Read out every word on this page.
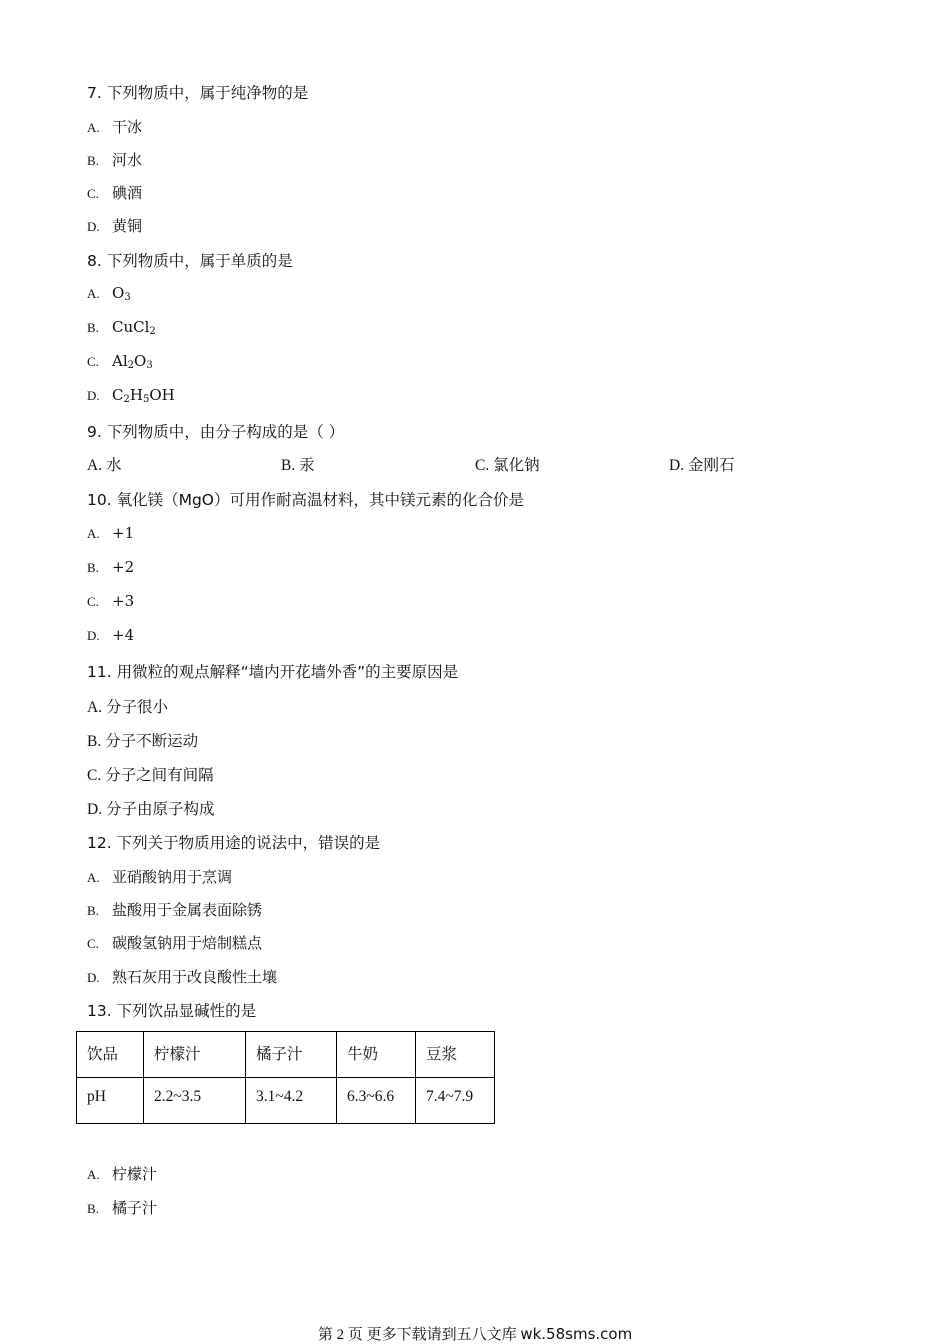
7. 下列物质中，属于纯净物的是
A. 干冰
B. 河水
C. 碘酒
D. 黄铜
8. 下列物质中，属于单质的是
A. $O_3$
B. CuCl$_2$
C. $Al_2O_3$
D. $C_2H_5OH$
9. 下列物质中，由分子构成的是（ ）
A. 水	B. 汞	C. 氯化钠	D. 金刚石
10. 氧化镁（MgO）可用作耐高温材料，其中镁元素的化合价是
A. +1
B. +2
C. +3
D. +4
11. 用微粒的观点解释“墙内开花墙外香”的主要原因是
A. 分子很小
B. 分子不断运动
C. 分子之间有间隔
D. 分子由原子构成
12. 下列关于物质用途的说法中，错误的是
A. 亚硝酸钠用于烹调
B. 盐酸用于金属表面除锈
C. 碳酸氢钠用于焙制糕点
D. 熟石灰用于改良酸性土壤
13. 下列饮品显碱性的是
饮品	柠檬汁	橘子汁	牛奶	豆浆
pH	2.2~3.5	3.1~4.2	6.3~6.6	7.4~7.9
A. 柠檬汁
B. 橘子汁
第 2 页 更多下载请到五八文库 wk.58sms.com
